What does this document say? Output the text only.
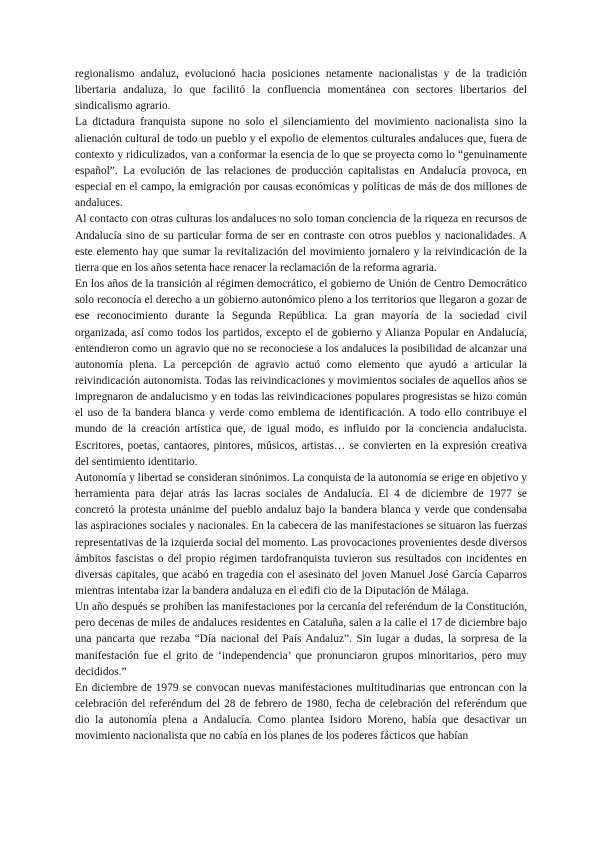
regionalismo andaluz, evolucionó hacia posiciones netamente nacionalistas y de la tradición libertaria andaluza, lo que facilitó la confluencia momentánea con sectores libertarios del sindicalismo agrario.

La dictadura franquista supone no solo el silenciamiento del movimiento nacionalista sino la alienación cultural de todo un pueblo y el expolio de elementos culturales andaluces que, fuera de contexto y ridiculizados, van a conformar la esencia de lo que se proyecta como lo “genuinamente español”. La evolución de las relaciones de producción capitalistas en Andalucía provoca, en especial en el campo, la emigración por causas económicas y políticas de más de dos millones de andaluces.

Al contacto con otras culturas los andaluces no solo toman conciencia de la riqueza en recursos de Andalucía sino de su particular forma de ser en contraste con otros pueblos y nacionalidades. A este elemento hay que sumar la revitalización del movimiento jornalero y la reivindicación de la tierra que en los años setenta hace renacer la reclamación de la reforma agraria.

En los años de la transición al régimen democrático, el gobierno de Unión de Centro Democrático solo reconocía el derecho a un gobierno autonómico pleno a los territorios que llegaron a gozar de ese reconocimiento durante la Segunda República. La gran mayoría de la sociedad civil organizada, así como todos los partidos, excepto el de gobierno y Alianza Popular en Andalucía, entendieron como un agravio que no se reconociese a los andaluces la posibilidad de alcanzar una autonomía plena. La percepción de agravio actuó como elemento que ayudó a articular la reivindicación autonomista. Todas las reivindicaciones y movimientos sociales de aquellos años se impregnaron de andalucismo y en todas las reivindicaciones populares progresistas se hizo común el uso de la bandera blanca y verde como emblema de identificación. A todo ello contribuye el mundo de la creación artística que, de igual modo, es influido por la conciencia andalucista. Escritores, poetas, cantaores, pintores, músicos, artistas… se convierten en la expresión creativa del sentimiento identitario.

Autonomía y libertad se consideran sinónimos. La conquista de la autonomía se erige en objetivo y herramienta para dejar atrás las lacras sociales de Andalucía. El 4 de diciembre de 1977 se concretó la protesta unánime del pueblo andaluz bajo la bandera blanca y verde que condensaba las aspiraciones sociales y nacionales. En la cabecera de las manifestaciones se situaron las fuerzas representativas de la izquierda social del momento. Las provocaciones provenientes desde diversos ámbitos fascistas o del propio régimen tardofranquista tuvieron sus resultados con incidentes en diversas capitales, que acabó en tragedia con el asesinato del joven Manuel José García Caparros mientras intentaba izar la bandera andaluza en el edifi cio de la Diputación de Málaga.

Un año después se prohíben las manifestaciones por la cercanía del referéndum de la Constitución, pero decenas de miles de andaluces residentes en Cataluña, salen a la calle el 17 de diciembre bajo una pancarta que rezaba “Día nacional del País Andaluz”. Sin lugar a dudas, la sorpresa de la manifestación fue el grito de ‘independencia’ que pronunciaron grupos minoritarios, pero muy decididos.”

En diciembre de 1979 se convocan nuevas manifestaciones multitudinarias que entroncan con la celebración del referéndum del 28 de febrero de 1980, fecha de celebración del referéndum que dio la autonomía plena a Andalucía. Como plantea Isidoro Moreno, había que desactivar un movimiento nacionalista que no cabía en los planes de los poderes fácticos que habían
